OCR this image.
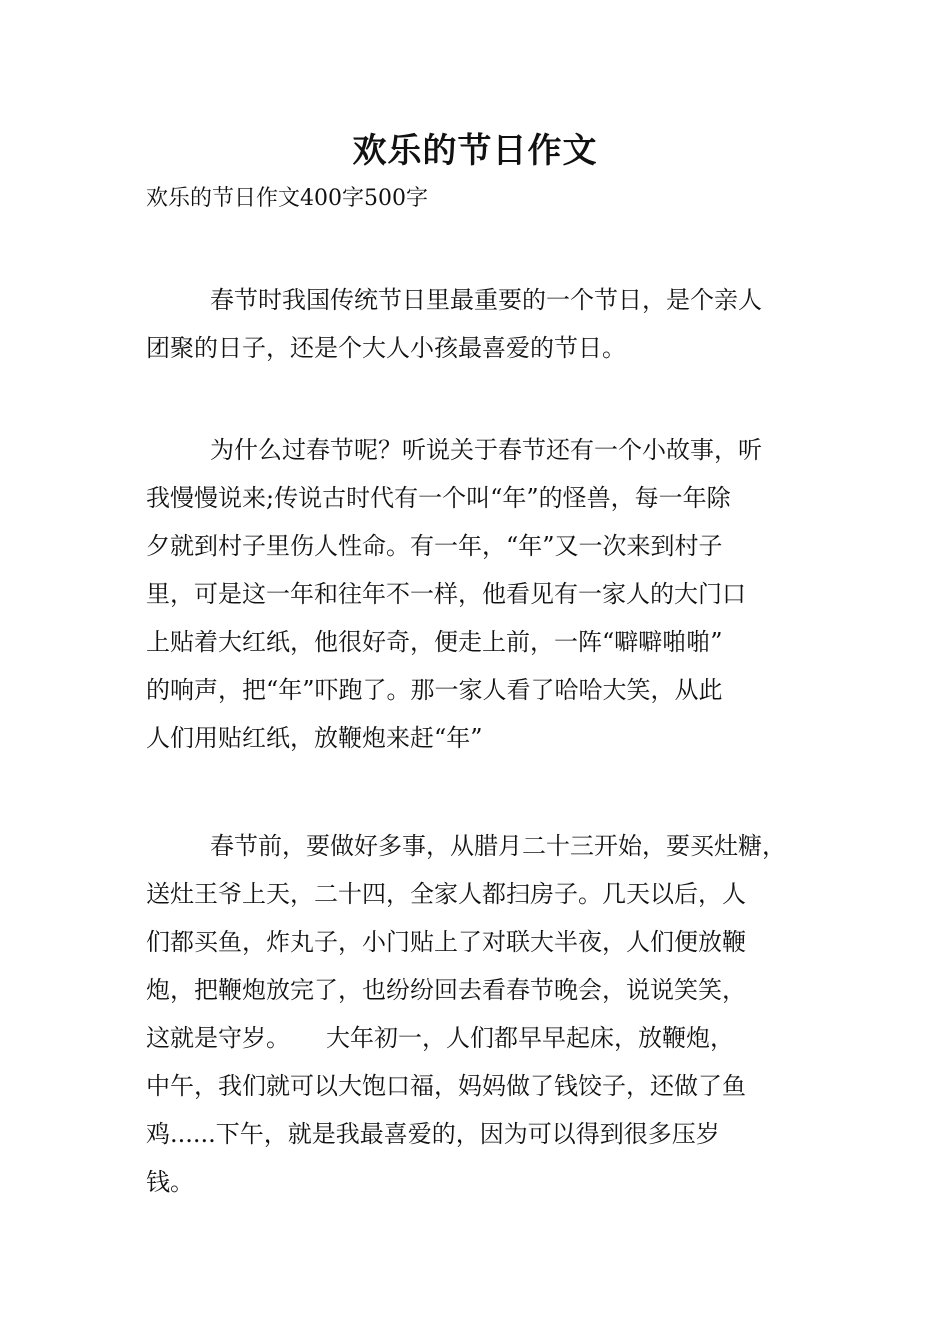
欢乐的节日作文
欢乐的节日作文400字500字
春节时我国传统节日里最重要的一个节日，是个亲人
团聚的日子，还是个大人小孩最喜爱的节日。
为什么过春节呢？听说关于春节还有一个小故事，听
我慢慢说来;传说古时代有一个叫“年”的怪兽，每一年除
夕就到村子里伤人性命。有一年，“年”又一次来到村子
里，可是这一年和往年不一样，他看见有一家人的大门口
上贴着大红纸，他很好奇，便走上前，一阵“噼噼啪啪”
的响声，把“年”吓跑了。那一家人看了哈哈大笑，从此
人们用贴红纸，放鞭炮来赶“年”
春节前，要做好多事，从腊月二十三开始，要买灶糖，
送灶王爷上天，二十四，全家人都扫房子。几天以后，人
们都买鱼，炸丸子，小门贴上了对联大半夜，人们便放鞭
炮，把鞭炮放完了，也纷纷回去看春节晚会，说说笑笑，
这就是守岁。　　大年初一，人们都早早起床，放鞭炮，
中午，我们就可以大饱口福，妈妈做了钱饺子，还做了鱼
鸡......下午，就是我最喜爱的，因为可以得到很多压岁
钱。
